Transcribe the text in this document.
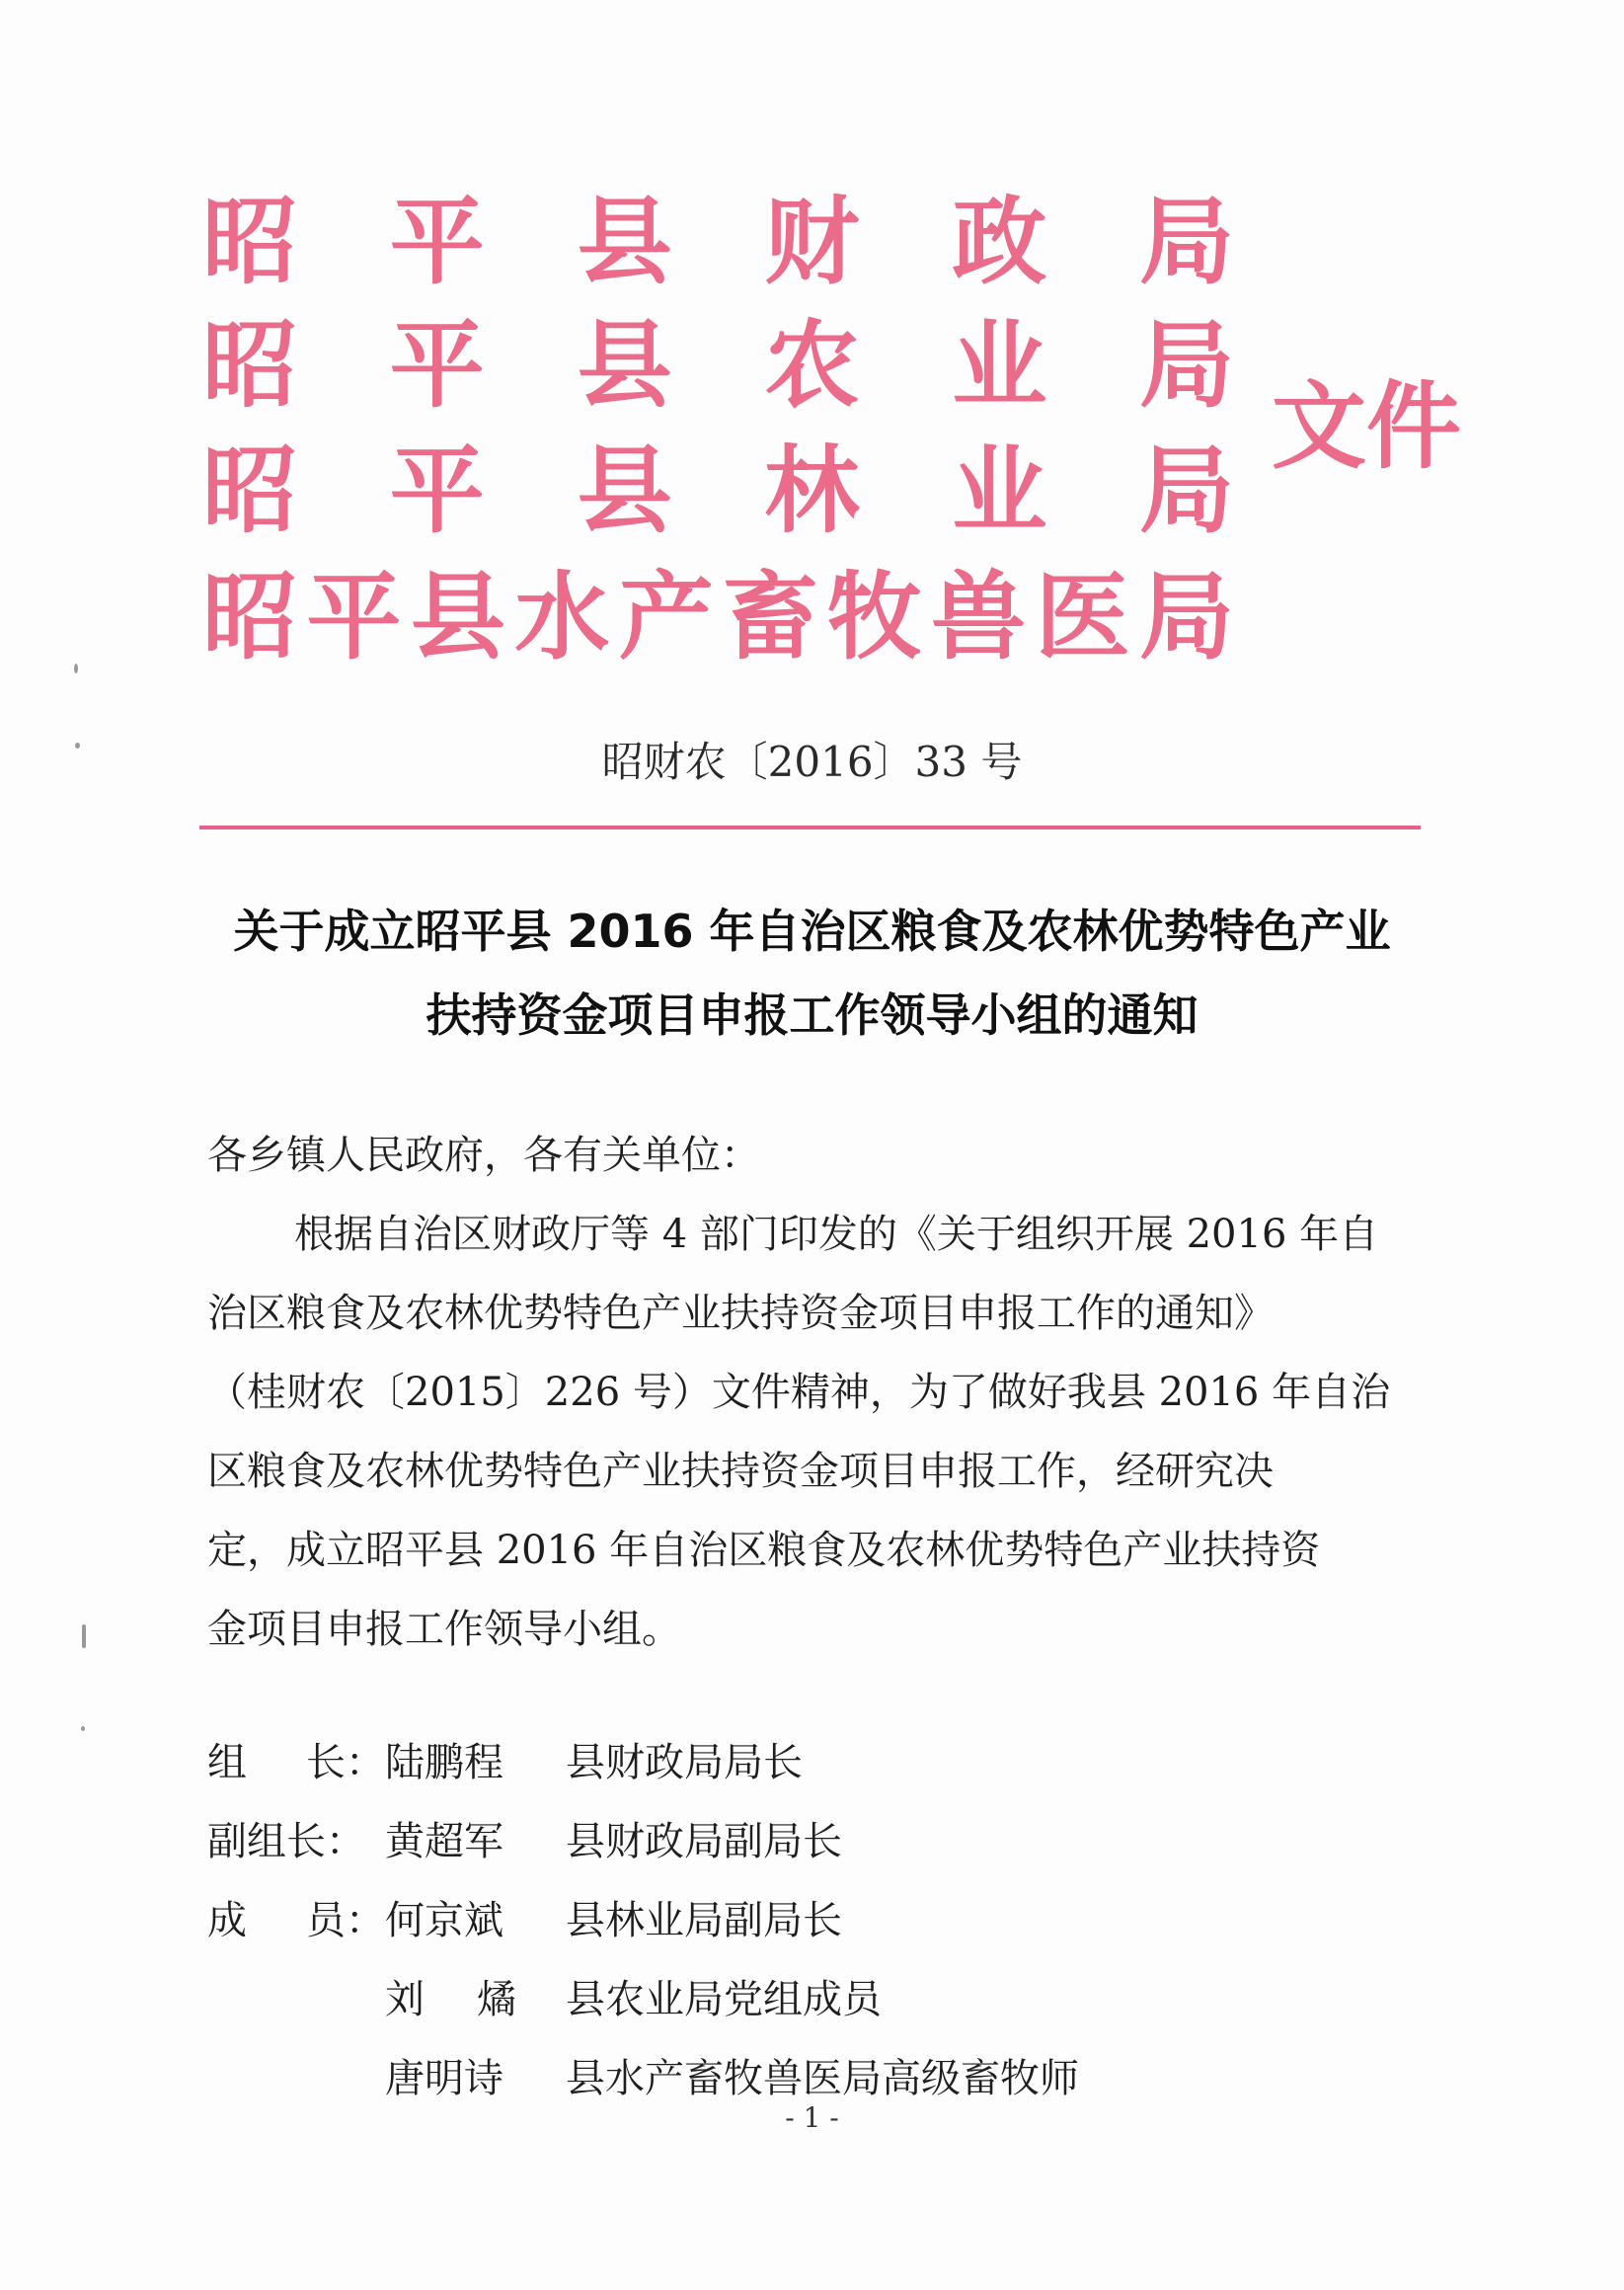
昭 平 县 财 政 局
昭 平 县 农 业 局
昭 平 县 林 业 局
昭 平 县 水 产 畜 牧 兽 医 局
文件
昭财农〔2016〕33 号
关于成立昭平县 2016 年自治区粮食及农林优势特色产业
扶持资金项目申报工作领导小组的通知

各乡镇人民政府，各有关单位：

根据自治区财政厅等 4 部门印发的《关于组织开展 2016 年自

治区粮食及农林优势特色产业扶持资金项目申报工作的通知》

（桂财农〔2015〕226 号）文件精神，为了做好我县 2016 年自治

区粮食及农林优势特色产业扶持资金项目申报工作，经研究决

定，成立昭平县 2016 年自治区粮食及农林优势特色产业扶持资

金项目申报工作领导小组。

组 长： 陆鹏程 县财政局局长
副组长： 黄超军 县财政局副局长
成 员： 何京斌 县林业局副局长
刘 燏 县农业局党组成员
唐明诗 县水产畜牧兽医局高级畜牧师
- 1 -
